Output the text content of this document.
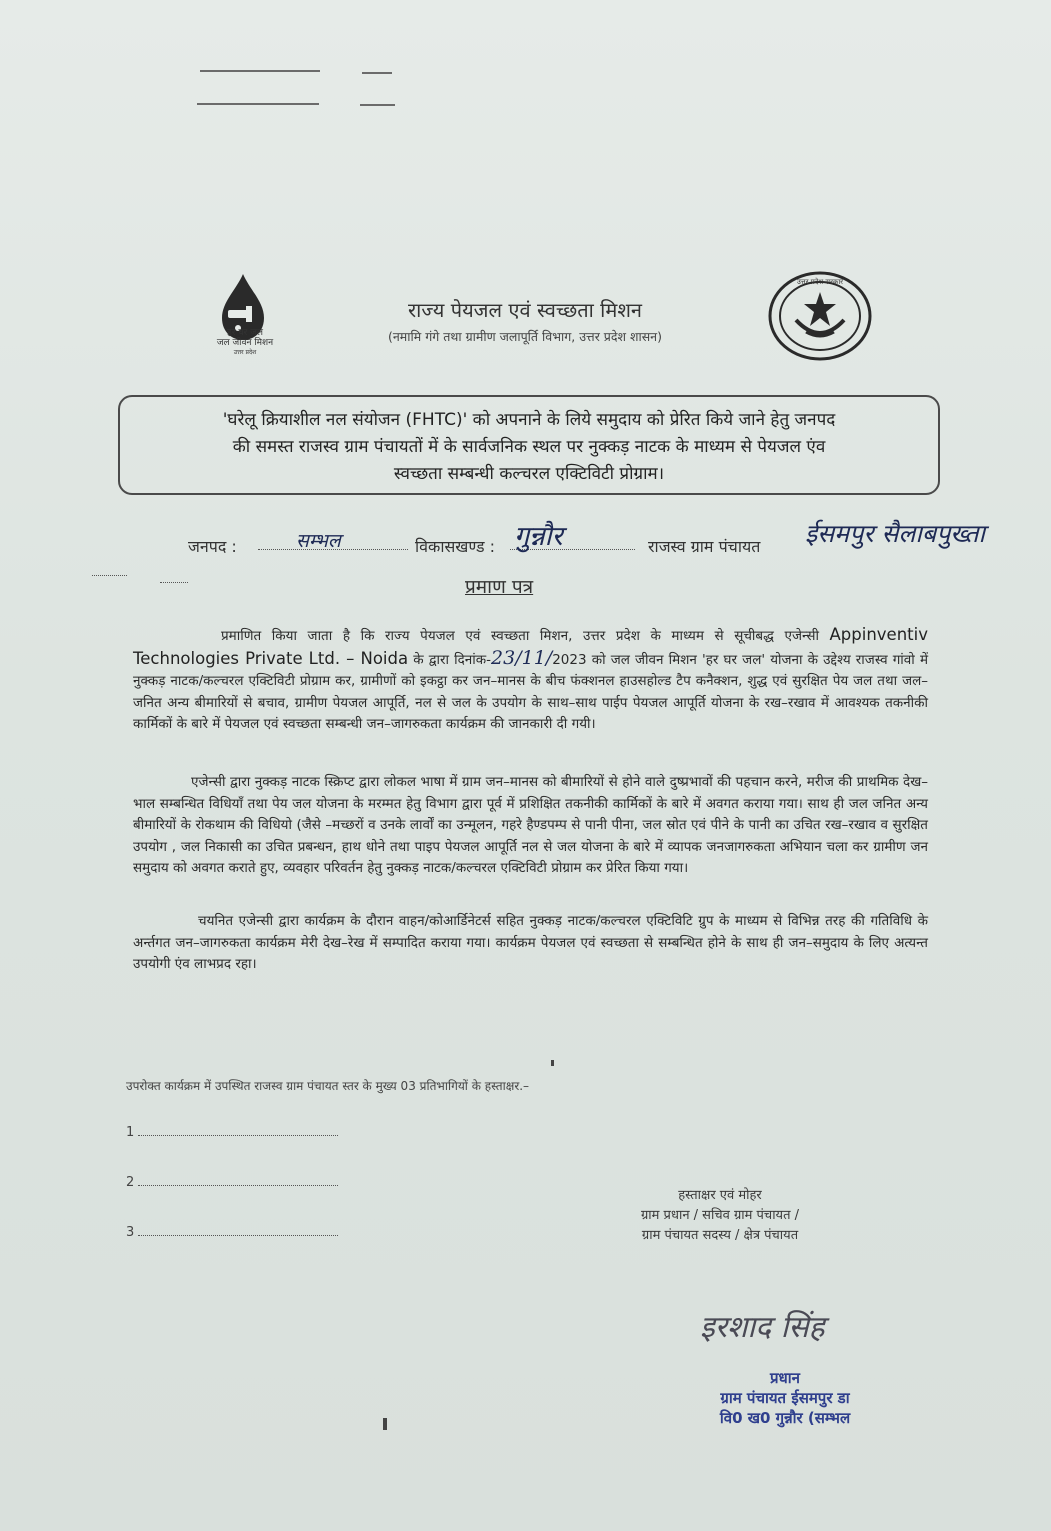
हर घर जल
जल जीवन मिशन
उत्तर प्रदेश
राज्य पेयजल एवं स्वच्छता मिशन
(नमामि गंगे तथा ग्रामीण जलापूर्ति विभाग, उत्तर प्रदेश शासन)
उत्तर प्रदेश सरकार
'घरेलू क्रियाशील नल संयोजन (FHTC)' को अपनाने के लिये समुदाय को प्रेरित किये जाने हेतु जनपद
की समस्त राजस्व ग्राम पंचायतों में के सार्वजनिक स्थल पर नुक्कड़ नाटक के माध्यम से पेयजल एंव
स्वच्छता सम्बन्धी कल्चरल एक्टिविटी प्रोग्राम।
जनपद :	सम्भल	विकासखण्ड : गुन्नौर	राजस्व ग्राम पंचायत ईसमपुर सैलाबपुख्ता
प्रमाण पत्र
प्रमाणित किया जाता है कि राज्य पेयजल एवं स्वच्छता मिशन, उत्तर प्रदेश के माध्यम से सूचीबद्ध एजेन्सी Appinventiv Technologies Private Ltd. – Noida के द्वारा दिनांक-23/11/2023 को जल जीवन मिशन 'हर घर जल' योजना के उद्देश्य राजस्व गांवो में नुक्कड़ नाटक/कल्चरल एक्टिविटी प्रोग्राम कर, ग्रामीणों को इकट्ठा कर जन–मानस के बीच फंक्शनल हाउसहोल्ड टैप कनैक्शन, शुद्ध एवं सुरक्षित पेय जल तथा जल–जनित अन्य बीमारियों से बचाव, ग्रामीण पेयजल आपूर्ति, नल से जल के उपयोग के साथ–साथ पाईप पेयजल आपूर्ति योजना के रख–रखाव में आवश्यक तकनीकी कार्मिकों के बारे में पेयजल एवं स्वच्छता सम्बन्धी जन–जागरुकता कार्यक्रम की जानकारी दी गयी।
एजेन्सी द्वारा नुक्कड़ नाटक स्क्रिप्ट द्वारा लोकल भाषा में ग्राम जन–मानस को बीमारियों से होने वाले दुष्प्रभावों की पहचान करने, मरीज की प्राथमिक देख–भाल सम्बन्धित विधियाँ तथा पेय जल योजना के मरम्मत हेतु विभाग द्वारा पूर्व में प्रशिक्षित तकनीकी कार्मिकों के बारे में अवगत कराया गया। साथ ही जल जनित अन्य बीमारियों के रोकथाम की विधियो (जैसे –मच्छरों व उनके लार्वों का उन्मूलन, गहरे हैण्डपम्प से पानी पीना, जल स्रोत एवं पीने के पानी का उचित रख–रखाव व सुरक्षित उपयोग , जल निकासी का उचित प्रबन्धन, हाथ धोने तथा पाइप पेयजल आपूर्ति नल से जल योजना के बारे में व्यापक जनजागरुकता अभियान चला कर ग्रामीण जन समुदाय को अवगत कराते हुए, व्यवहार परिवर्तन हेतु नुक्कड़ नाटक/कल्चरल एक्टिविटी प्रोग्राम कर प्रेरित किया गया।
चयनित एजेन्सी द्वारा कार्यक्रम के दौरान वाहन/कोआर्डिनेटर्स सहित नुक्कड़ नाटक/कल्चरल एक्टिविटि ग्रुप के माध्यम से विभिन्न तरह की गतिविधि के अर्न्तगत जन–जागरुकता कार्यक्रम मेरी देख–रेख में सम्पादित कराया गया। कार्यक्रम पेयजल एवं स्वच्छता से सम्बन्धित होने के साथ ही जन–समुदाय के लिए अत्यन्त उपयोगी एंव लाभप्रद रहा।
उपरोक्त कार्यक्रम में उपस्थित राजस्व ग्राम पंचायत स्तर के मुख्य 03 प्रतिभागियों के हस्ताक्षर.–
1
2
3
हस्ताक्षर एवं मोहर
ग्राम प्रधान / सचिव ग्राम पंचायत /
ग्राम पंचायत सदस्य / क्षेत्र पंचायत
इरशाद सिंह
प्रधान
ग्राम पंचायत ईसमपुर डा
वि0 ख0 गुन्नौर (सम्भल
